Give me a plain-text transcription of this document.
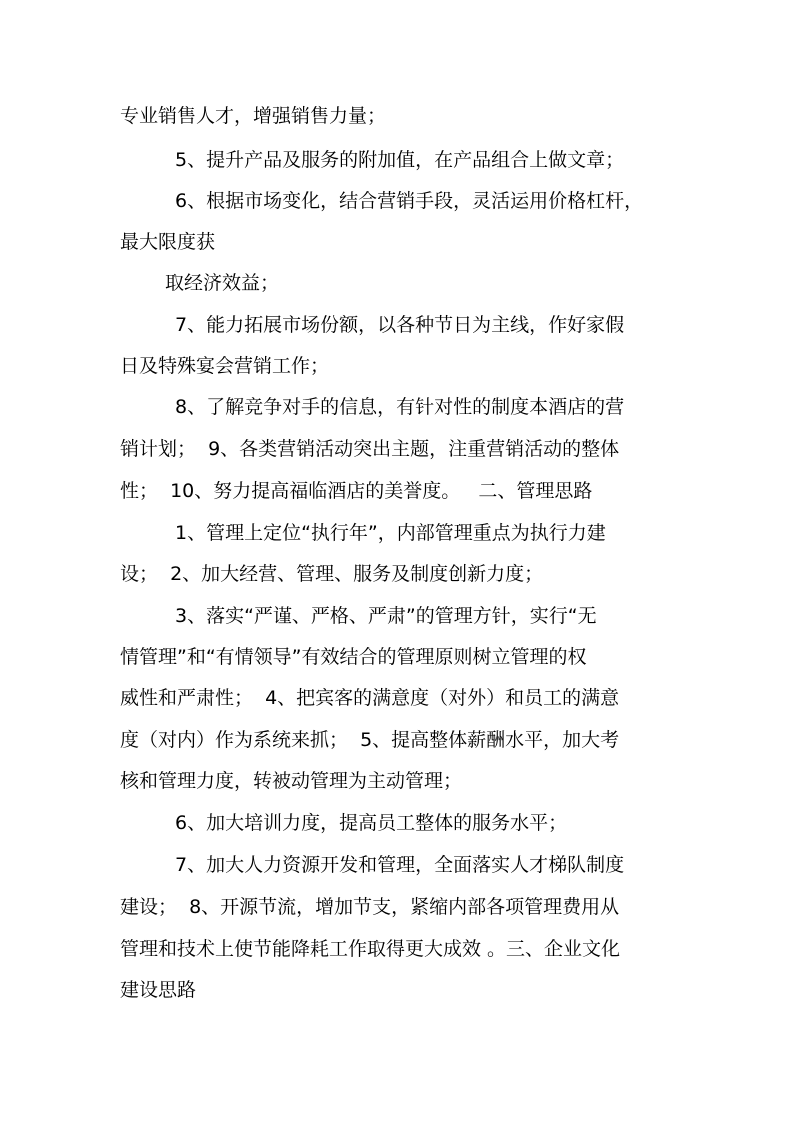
专业销售人才，增强销售力量；
5、提升产品及服务的附加值，在产品组合上做文章；
6、根据市场变化，结合营销手段，灵活运用价格杠杆，
最大限度获
取经济效益；
7、能力拓展市场份额，以各种节日为主线，作好家假
日及特殊宴会营销工作；
8、了解竞争对手的信息，有针对性的制度本酒店的营
销计划；  9、各类营销活动突出主题，注重营销活动的整体
性；  10、努力提高福临酒店的美誉度。   二、管理思路
1、管理上定位“执行年”，内部管理重点为执行力建
设；  2、加大经营、管理、服务及制度创新力度；
3、落实“严谨、严格、严肃”的管理方针，实行“无
情管理”和“有情领导”有效结合的管理原则树立管理的权
威性和严肃性；  4、把宾客的满意度（对外）和员工的满意
度（对内）作为系统来抓；  5、提高整体薪酬水平，加大考
核和管理力度，转被动管理为主动管理；
6、加大培训力度，提高员工整体的服务水平；
7、加大人力资源开发和管理，全面落实人才梯队制度
建设；  8、开源节流，增加节支，紧缩内部各项管理费用从
管理和技术上使节能降耗工作取得更大成效 。三、企业文化
建设思路
